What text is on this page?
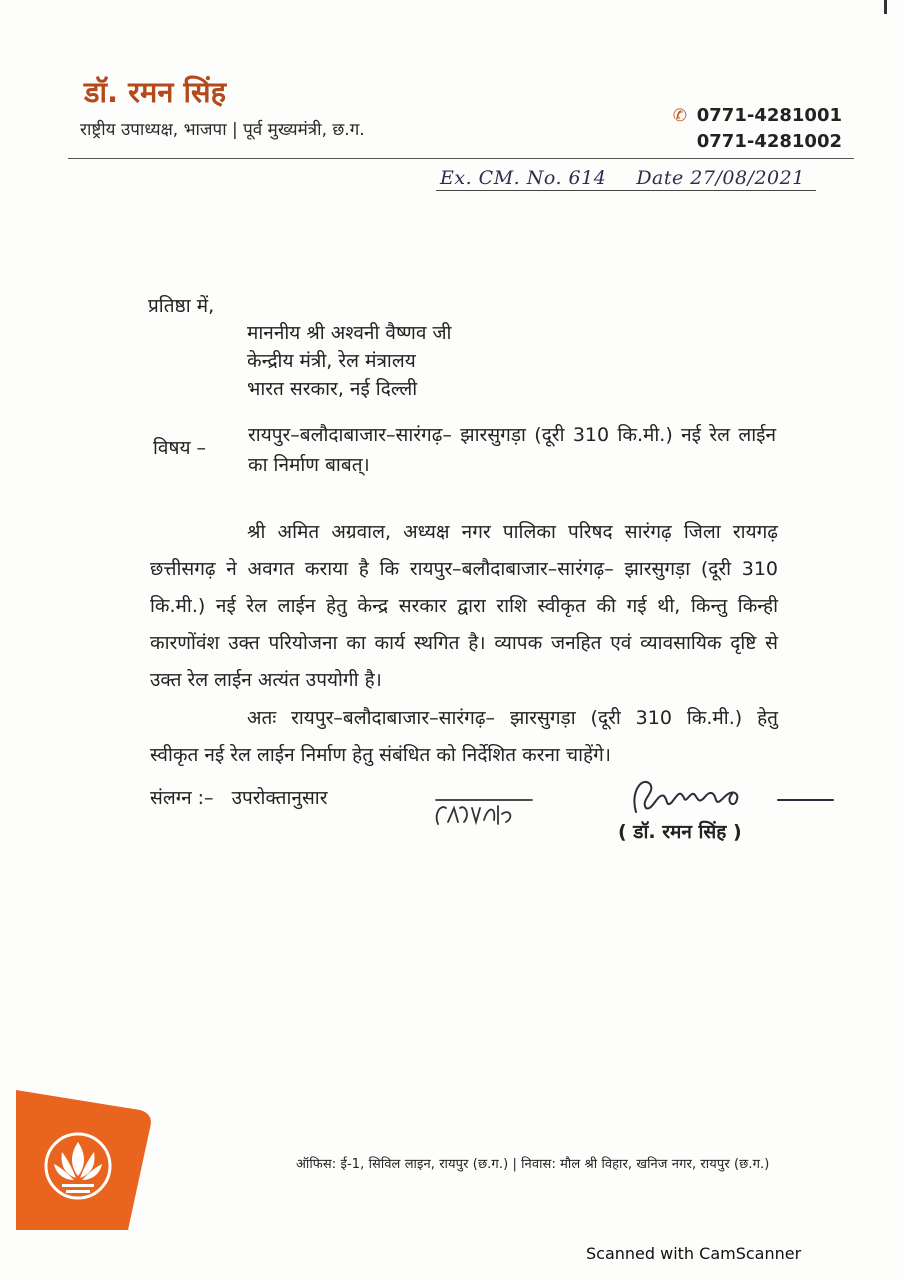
डॉ. रमन सिंह
राष्ट्रीय उपाध्यक्ष, भाजपा | पूर्व मुख्यमंत्री, छ.ग.
✆ 0771-4281001
0771-4281002
Ex. CM. No. 614 Date 27/08/2021
प्रतिष्ठा में,
माननीय श्री अश्वनी वैष्णव जी
केन्द्रीय मंत्री, रेल मंत्रालय
भारत सरकार, नई दिल्ली
विषय –
रायपुर–बलौदाबाजार–सारंगढ़– झारसुगड़ा (दूरी 310 कि.मी.) नई रेल लाईन का निर्माण बाबत्।
श्री अमित अग्रवाल, अध्यक्ष नगर पालिका परिषद सारंगढ़ जिला रायगढ़ छत्तीसगढ़ ने अवगत कराया है कि रायपुर–बलौदाबाजार–सारंगढ़– झारसुगड़ा (दूरी 310 कि.मी.) नई रेल लाईन हेतु केन्द्र सरकार द्वारा राशि स्वीकृत की गई थी, किन्तु किन्ही कारणोंवंश उक्त परियोजना का कार्य स्थगित है। व्यापक जनहित एवं व्यावसायिक दृष्टि से उक्त रेल लाईन अत्यंत उपयोगी है।
अतः रायपुर–बलौदाबाजार–सारंगढ़– झारसुगड़ा (दूरी 310 कि.मी.) हेतु स्वीकृत नई रेल लाईन निर्माण हेतु संबंधित को निर्देशित करना चाहेंगे।
संलग्न :– उपरोक्तानुसार
( डॉ. रमन सिंह )
ऑफिस: ई-1, सिविल लाइन, रायपुर (छ.ग.) | निवास: मौल श्री विहार, खनिज नगर, रायपुर (छ.ग.)
Scanned with CamScanner
